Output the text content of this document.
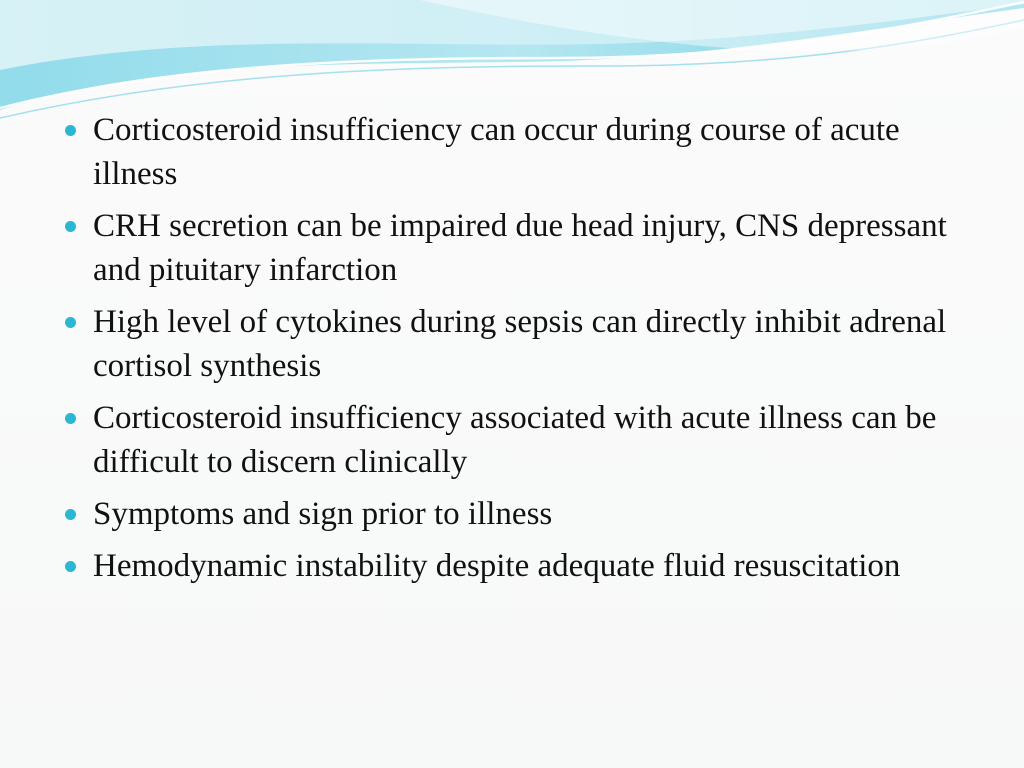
Corticosteroid insufficiency can occur during course of acute illness
CRH secretion can be impaired due head injury, CNS depressant and pituitary infarction
High level of cytokines during sepsis can directly inhibit adrenal cortisol synthesis
Corticosteroid insufficiency associated with acute illness can be difficult to discern clinically
Symptoms and sign prior to illness
Hemodynamic instability despite adequate fluid resuscitation
